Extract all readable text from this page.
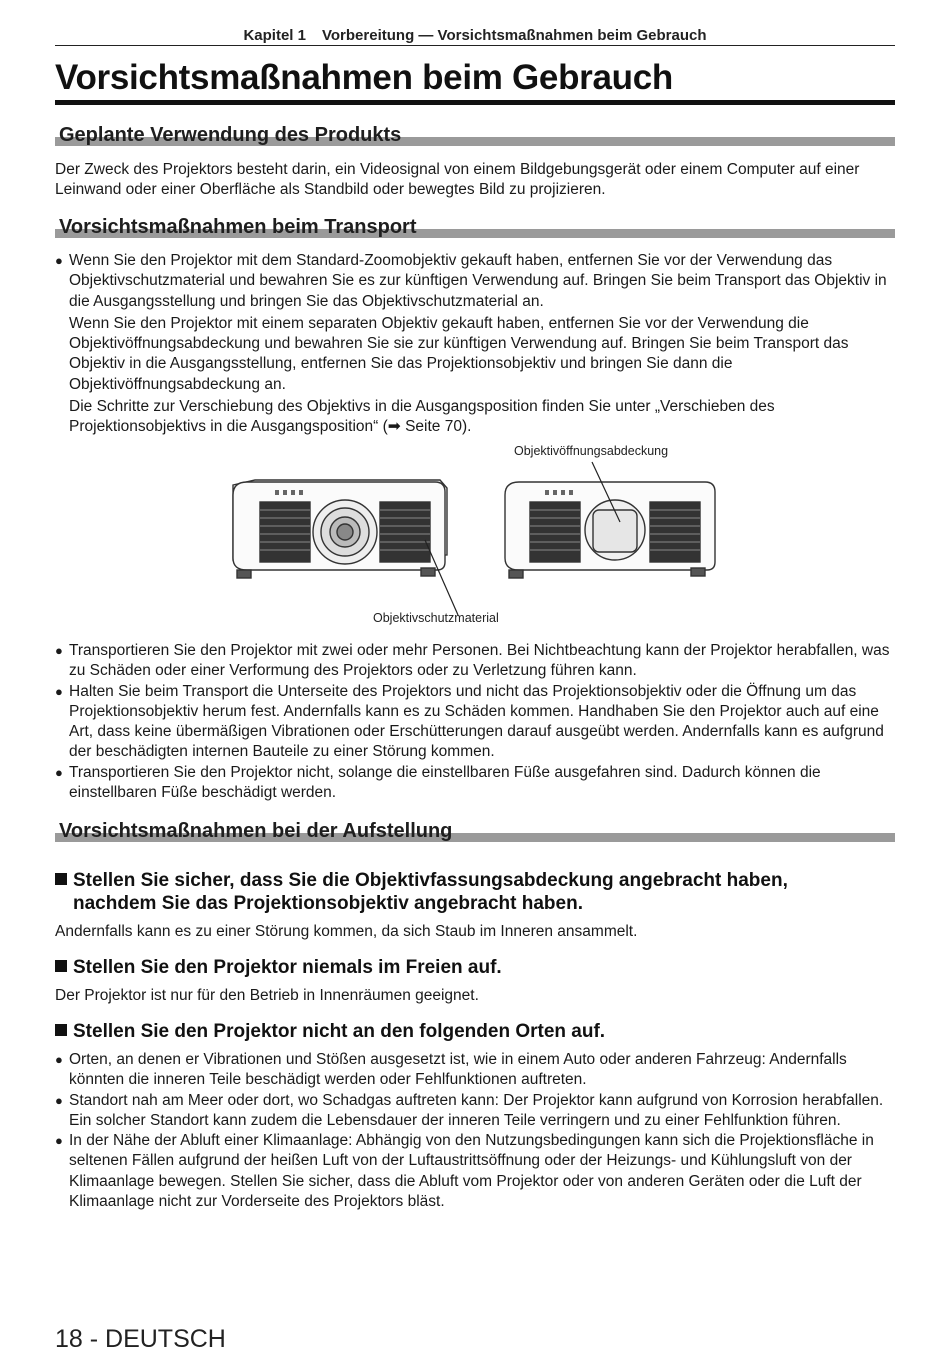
Kapitel 1 Vorbereitung — Vorsichtsmaßnahmen beim Gebrauch
Vorsichtsmaßnahmen beim Gebrauch
Geplante Verwendung des Produkts

Der Zweck des Projektors besteht darin, ein Videosignal von einem Bildgebungsgerät oder einem Computer auf einer Leinwand oder einer Oberfläche als Standbild oder bewegtes Bild zu projizieren.

Vorsichtsmaßnahmen beim Transport
● Wenn Sie den Projektor mit dem Standard-Zoomobjektiv gekauft haben, entfernen Sie vor der Verwendung das Objektivschutzmaterial und bewahren Sie es zur künftigen Verwendung auf. Bringen Sie beim Transport das Objektiv in die Ausgangsstellung und bringen Sie das Objektivschutzmaterial an.

Wenn Sie den Projektor mit einem separaten Objektiv gekauft haben, entfernen Sie vor der Verwendung die Objektivöffnungsabdeckung und bewahren Sie sie zur künftigen Verwendung auf. Bringen Sie beim Transport das Objektiv in die Ausgangsstellung, entfernen Sie das Projektionsobjektiv und bringen Sie dann die Objektivöffnungsabdeckung an.

Die Schritte zur Verschiebung des Objektivs in die Ausgangsposition finden Sie unter „Verschieben des Projektionsobjektivs in die Ausgangsposition“ (➡ Seite 70).

Objektivöffnungsabdeckung
Objektivschutzmaterial
● Transportieren Sie den Projektor mit zwei oder mehr Personen. Bei Nichtbeachtung kann der Projektor herabfallen, was zu Schäden oder einer Verformung des Projektors oder zu Verletzung führen kann.

● Halten Sie beim Transport die Unterseite des Projektors und nicht das Projektionsobjektiv oder die Öffnung um das Projektionsobjektiv herum fest. Andernfalls kann es zu Schäden kommen. Handhaben Sie den Projektor auch auf eine Art, dass keine übermäßigen Vibrationen oder Erschütterungen darauf ausgeübt werden. Andernfalls kann es aufgrund der beschädigten internen Bauteile zu einer Störung kommen.

● Transportieren Sie den Projektor nicht, solange die einstellbaren Füße ausgefahren sind. Dadurch können die einstellbaren Füße beschädigt werden.

Vorsichtsmaßnahmen bei der Aufstellung
Stellen Sie sicher, dass Sie die Objektivfassungsabdeckung angebracht haben,
nachdem Sie das Projektionsobjektiv angebracht haben.

Andernfalls kann es zu einer Störung kommen, da sich Staub im Inneren ansammelt.

Stellen Sie den Projektor niemals im Freien auf.

Der Projektor ist nur für den Betrieb in Innenräumen geeignet.

Stellen Sie den Projektor nicht an den folgenden Orten auf.
● Orten, an denen er Vibrationen und Stößen ausgesetzt ist, wie in einem Auto oder anderen Fahrzeug: Andernfalls könnten die inneren Teile beschädigt werden oder Fehlfunktionen auftreten.

● Standort nah am Meer oder dort, wo Schadgas auftreten kann: Der Projektor kann aufgrund von Korrosion herabfallen. Ein solcher Standort kann zudem die Lebensdauer der inneren Teile verringern und zu einer Fehlfunktion führen.

● In der Nähe der Abluft einer Klimaanlage: Abhängig von den Nutzungsbedingungen kann sich die Projektionsfläche in seltenen Fällen aufgrund der heißen Luft von der Luftaustrittsöffnung oder der Heizungs- und Kühlungsluft von der Klimaanlage bewegen. Stellen Sie sicher, dass die Abluft vom Projektor oder von anderen Geräten oder die Luft der Klimaanlage nicht zur Vorderseite des Projektors bläst.

18 - DEUTSCH
